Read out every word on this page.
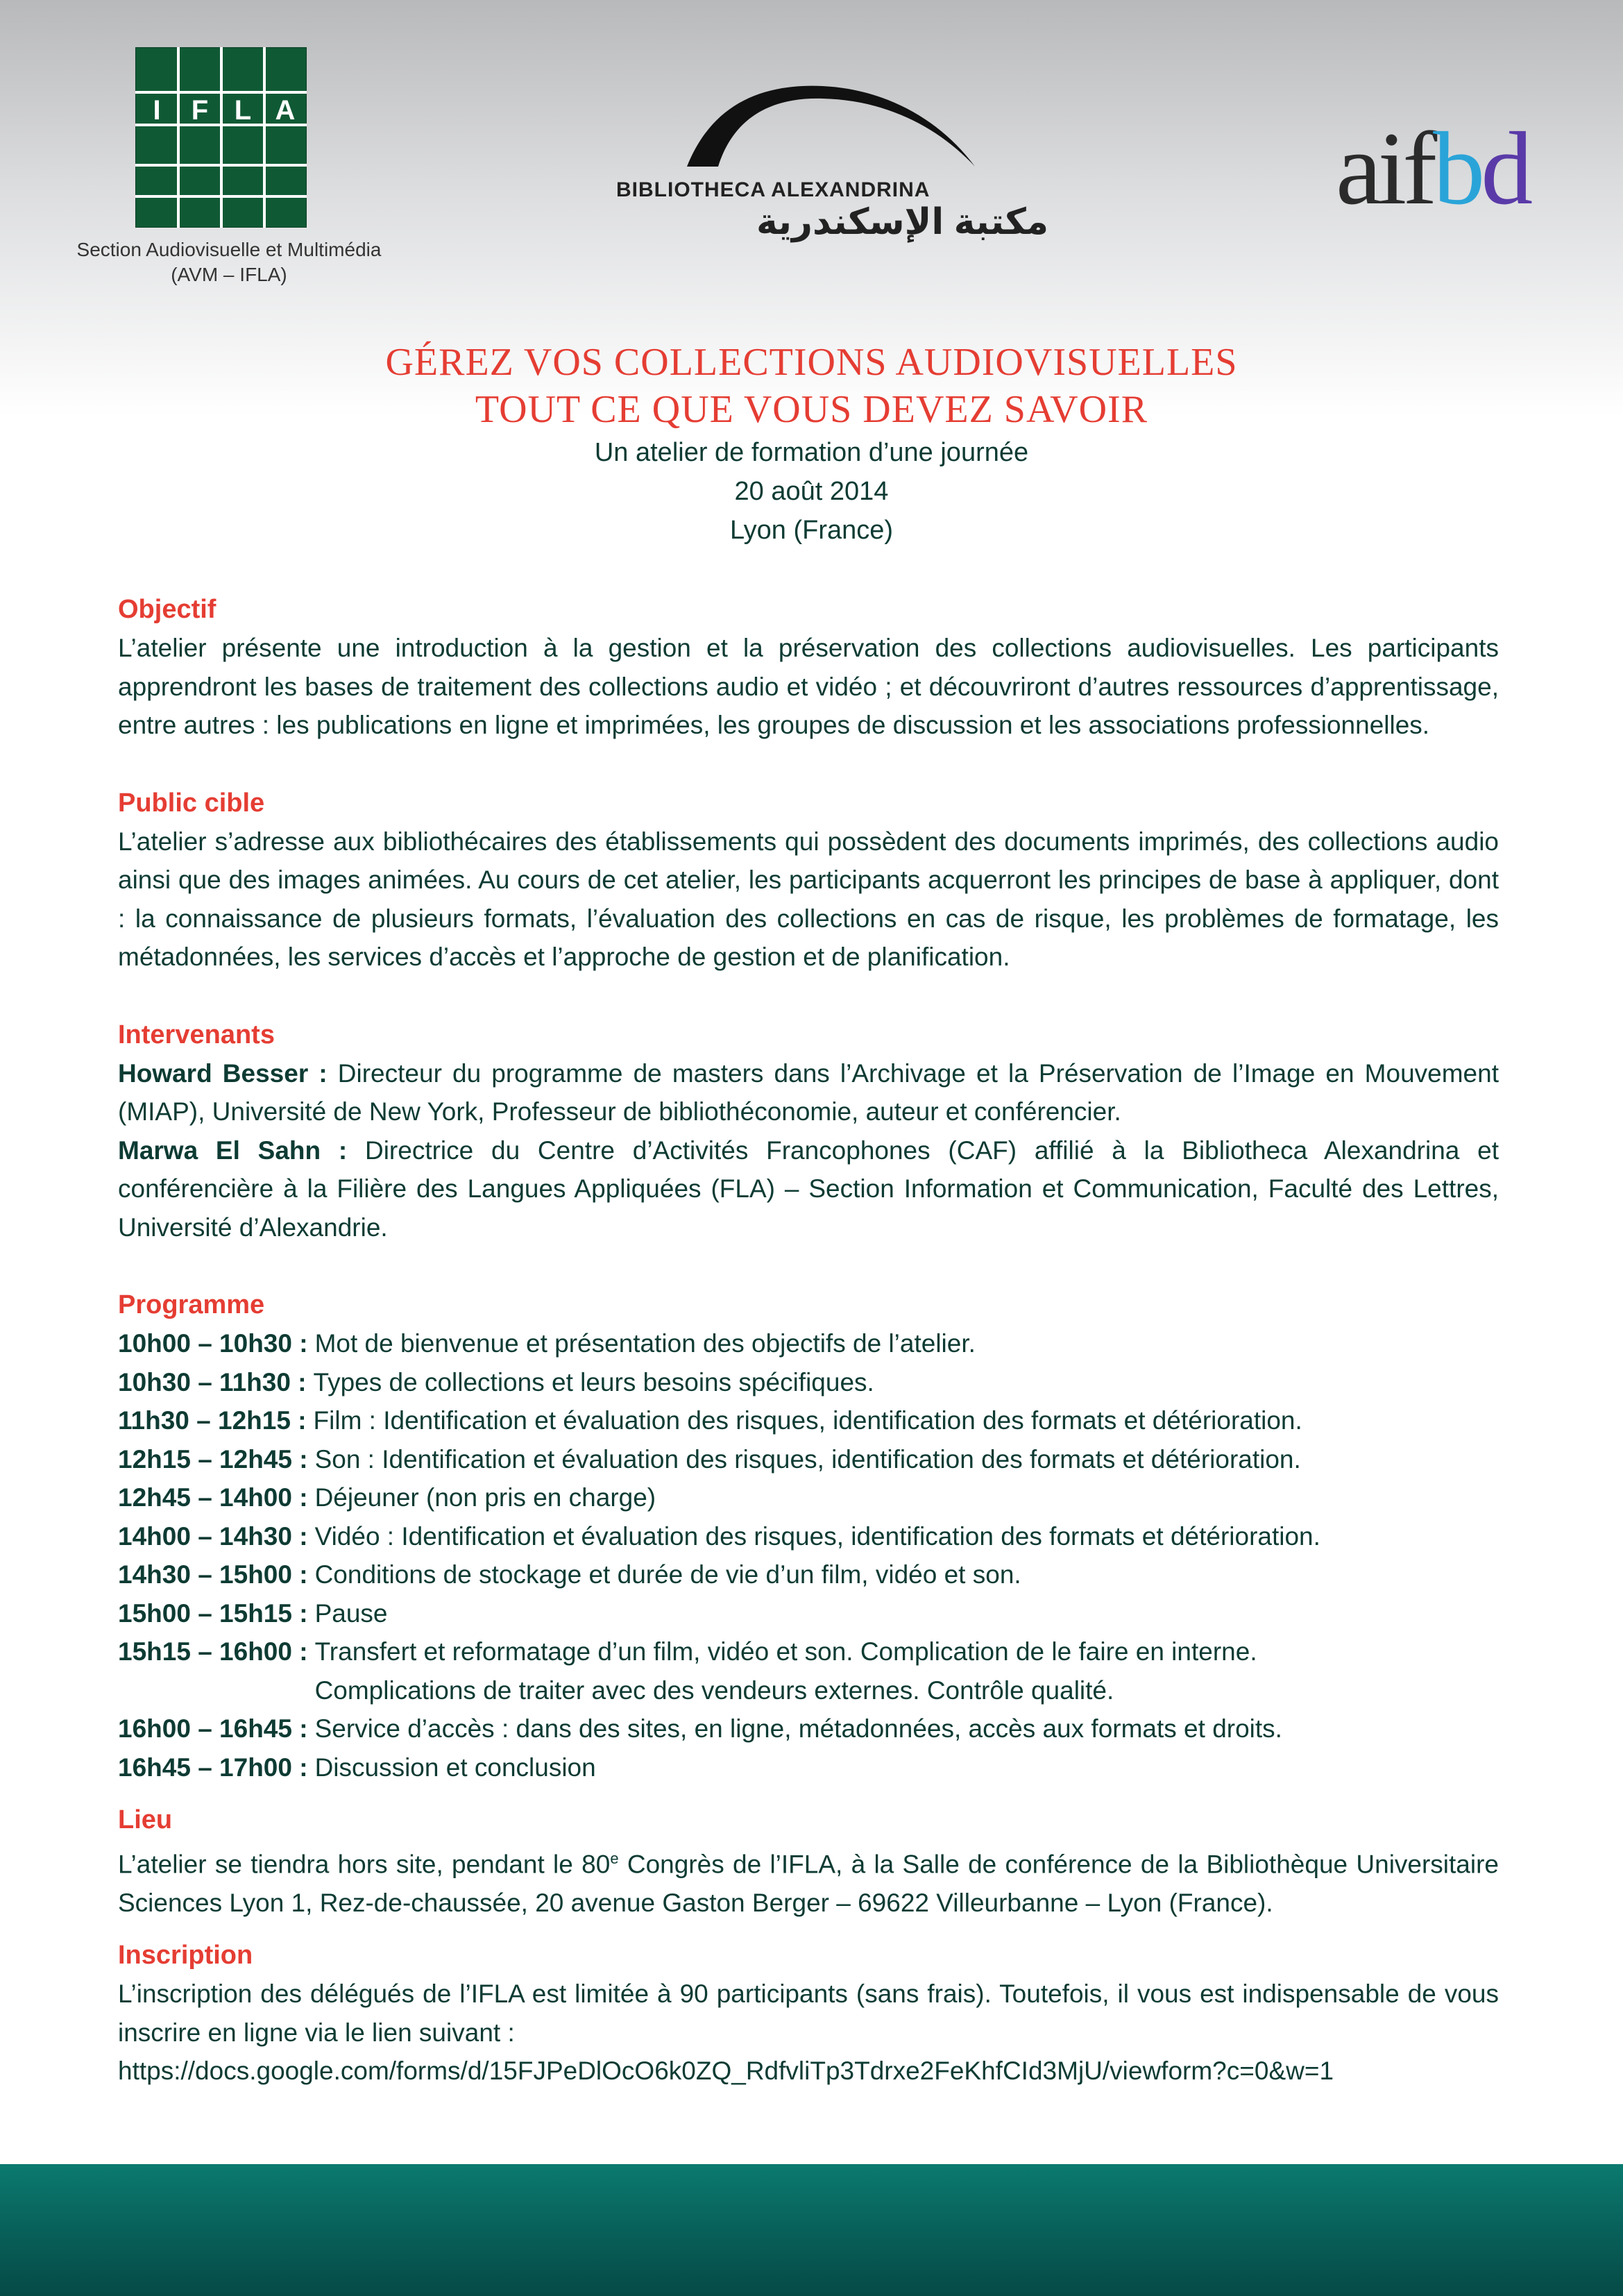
I F L A
Section Audiovisuelle et Multimédia
(AVM – IFLA)
BIBLIOTHECA ALEXANDRINA
مكتبة الإسكندرية	aifbd
GÉREZ VOS COLLECTIONS AUDIOVISUELLES
TOUT CE QUE VOUS DEVEZ SAVOIR
Un atelier de formation d’une journée
20 août 2014
Lyon (France)

Objectif

L’atelier présente une introduction à la gestion et la préservation des collections audiovisuelles. Les participants apprendront les bases de traitement des collections audio et vidéo ; et découvriront d’autres ressources d’apprentissage, entre autres : les publications en ligne et imprimées, les groupes de discussion et les associations professionnelles.

Public cible

L’atelier s’adresse aux bibliothécaires des établissements qui possèdent des documents imprimés, des collections audio ainsi que des images animées. Au cours de cet atelier, les participants acquerront les principes de base à appliquer, dont : la connaissance de plusieurs formats, l’évaluation des collections en cas de risque, les problèmes de formatage, les métadonnées, les services d’accès et l’approche de gestion et de planification.

Intervenants

Howard Besser : Directeur du programme de masters dans l’Archivage et la Préservation de l’Image en Mouvement (MIAP), Université de New York, Professeur de bibliothéconomie, auteur et conférencier.

Marwa El Sahn : Directrice du Centre d’Activités Francophones (CAF) affilié à la Bibliotheca Alexandrina et conférencière à la Filière des Langues Appliquées (FLA) – Section Information et Communication, Faculté des Lettres, Université d’Alexandrie.

Programme

10h00 – 10h30 : Mot de bienvenue et présentation des objectifs de l’atelier.
10h30 – 11h30 : Types de collections et leurs besoins spécifiques.
11h30 – 12h15 : Film : Identification et évaluation des risques, identification des formats et détérioration.
12h15 – 12h45 : Son : Identification et évaluation des risques, identification des formats et détérioration.
12h45 – 14h00 : Déjeuner (non pris en charge)
14h00 – 14h30 : Vidéo : Identification et évaluation des risques, identification des formats et détérioration.
14h30 – 15h00 : Conditions de stockage et durée de vie d’un film, vidéo et son.
15h00 – 15h15 : Pause
15h15 – 16h00 : Transfert et reformatage d’un film, vidéo et son. Complication de le faire en interne.
Complications de traiter avec des vendeurs externes. Contrôle qualité.
16h00 – 16h45 : Service d’accès : dans des sites, en ligne, métadonnées, accès aux formats et droits.
16h45 – 17h00 : Discussion et conclusion

Lieu

L’atelier se tiendra hors site, pendant le 80e Congrès de l’IFLA, à la Salle de conférence de la Bibliothèque Universitaire Sciences Lyon 1, Rez-de-chaussée, 20 avenue Gaston Berger – 69622 Villeurbanne – Lyon (France).

Inscription

L’inscription des délégués de l’IFLA est limitée à 90 participants (sans frais). Toutefois, il vous est indispensable de vous inscrire en ligne via le lien suivant :

https://docs.google.com/forms/d/15FJPeDlOcO6k0ZQ_RdfvliTp3Tdrxe2FeKhfCId3MjU/viewform?c=0&w=1
